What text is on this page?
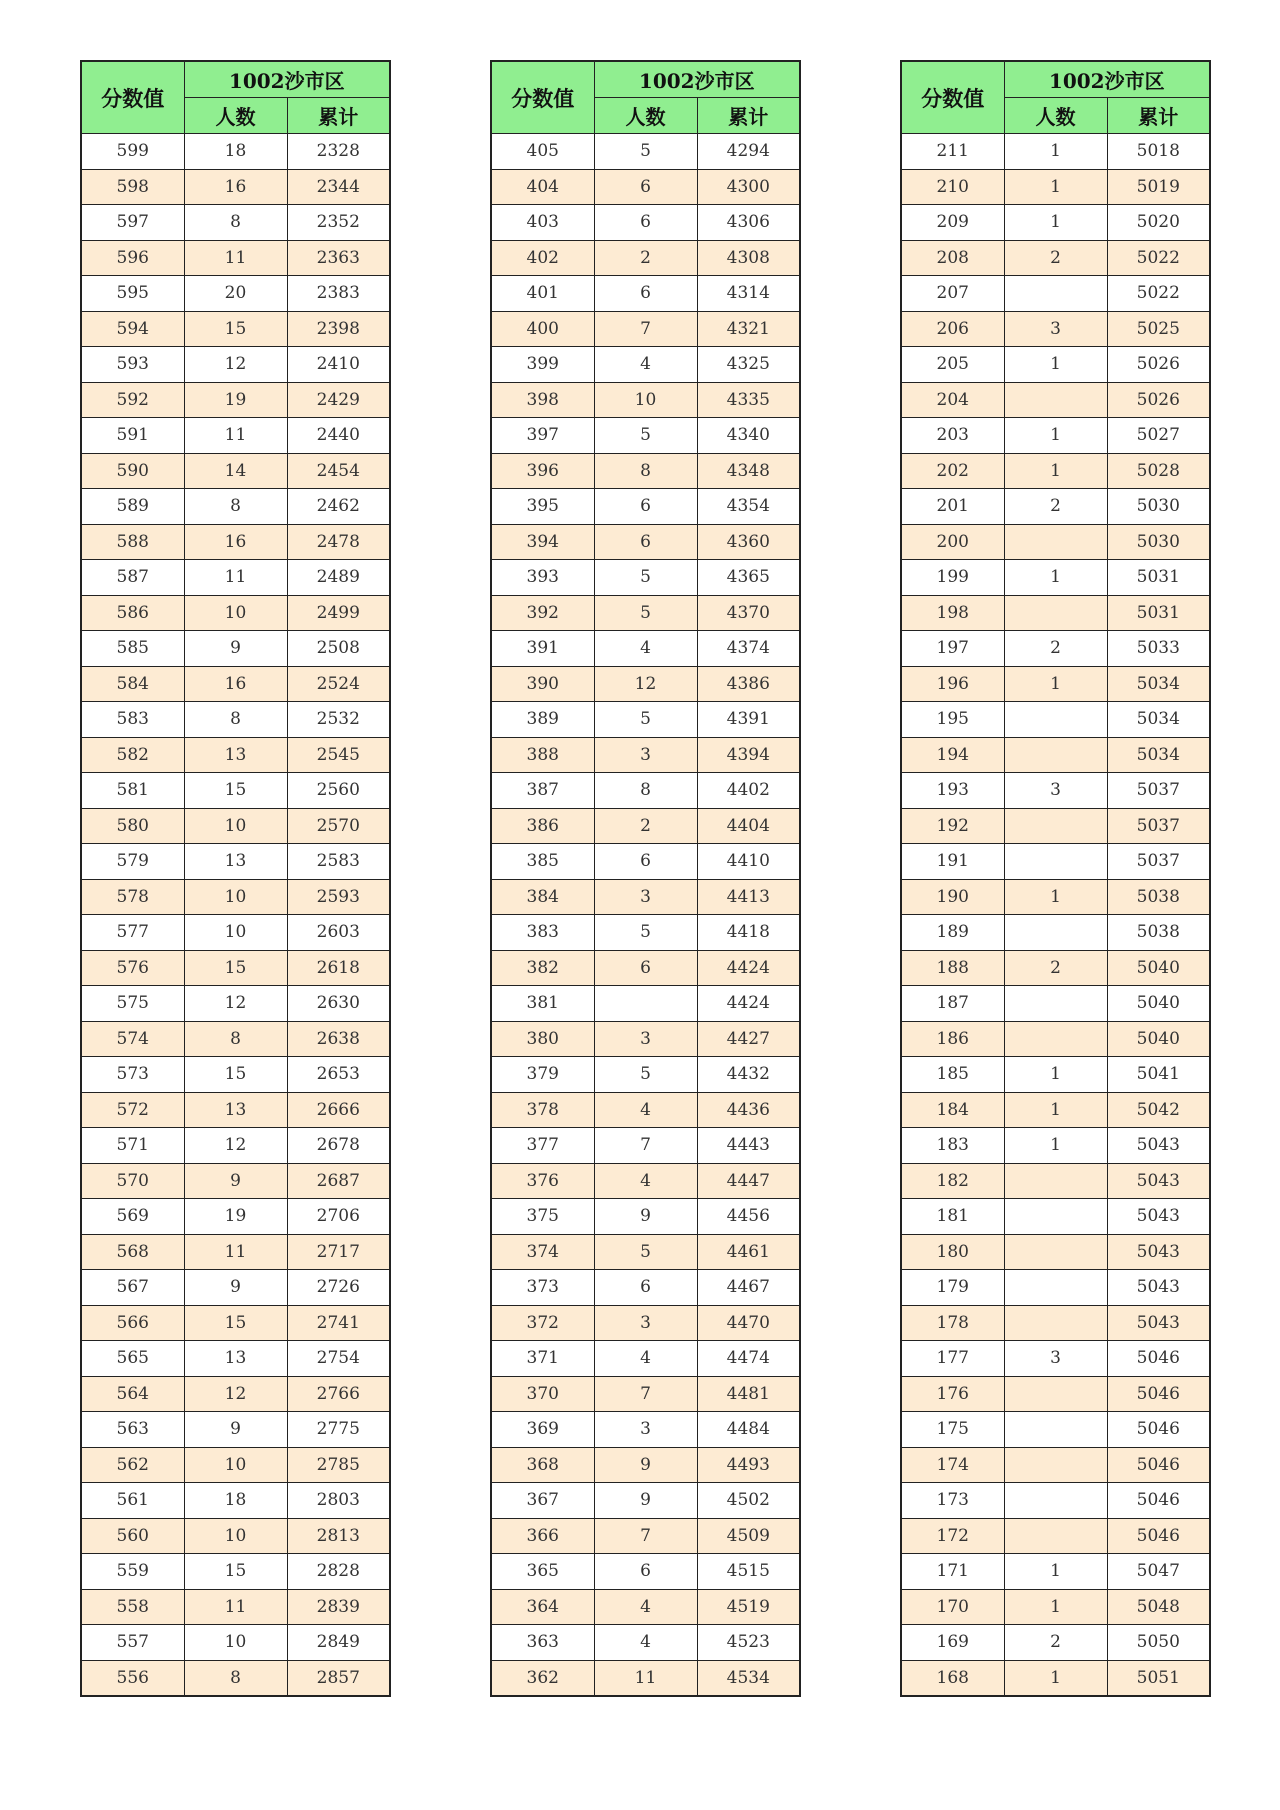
分数值	1002沙市区	
	人数	累计
599	18	2328
598	16	2344
597	8	2352
596	11	2363
595	20	2383
594	15	2398
593	12	2410
592	19	2429
591	11	2440
590	14	2454
589	8	2462
588	16	2478
587	11	2489
586	10	2499
585	9	2508
584	16	2524
583	8	2532
582	13	2545
581	15	2560
580	10	2570
579	13	2583
578	10	2593
577	10	2603
576	15	2618
575	12	2630
574	8	2638
573	15	2653
572	13	2666
571	12	2678
570	9	2687
569	19	2706
568	11	2717
567	9	2726
566	15	2741
565	13	2754
564	12	2766
563	9	2775
562	10	2785
561	18	2803
560	10	2813
559	15	2828
558	11	2839
557	10	2849
556	8	2857
分数值	1002沙市区	
	人数	累计
405	5	4294
404	6	4300
403	6	4306
402	2	4308
401	6	4314
400	7	4321
399	4	4325
398	10	4335
397	5	4340
396	8	4348
395	6	4354
394	6	4360
393	5	4365
392	5	4370
391	4	4374
390	12	4386
389	5	4391
388	3	4394
387	8	4402
386	2	4404
385	6	4410
384	3	4413
383	5	4418
382	6	4424
381		4424
380	3	4427
379	5	4432
378	4	4436
377	7	4443
376	4	4447
375	9	4456
374	5	4461
373	6	4467
372	3	4470
371	4	4474
370	7	4481
369	3	4484
368	9	4493
367	9	4502
366	7	4509
365	6	4515
364	4	4519
363	4	4523
362	11	4534
分数值	1002沙市区	
	人数	累计
211	1	5018
210	1	5019
209	1	5020
208	2	5022
207		5022
206	3	5025
205	1	5026
204		5026
203	1	5027
202	1	5028
201	2	5030
200		5030
199	1	5031
198		5031
197	2	5033
196	1	5034
195		5034
194		5034
193	3	5037
192		5037
191		5037
190	1	5038
189		5038
188	2	5040
187		5040
186		5040
185	1	5041
184	1	5042
183	1	5043
182		5043
181		5043
180		5043
179		5043
178		5043
177	3	5046
176		5046
175		5046
174		5046
173		5046
172		5046
171	1	5047
170	1	5048
169	2	5050
168	1	5051
